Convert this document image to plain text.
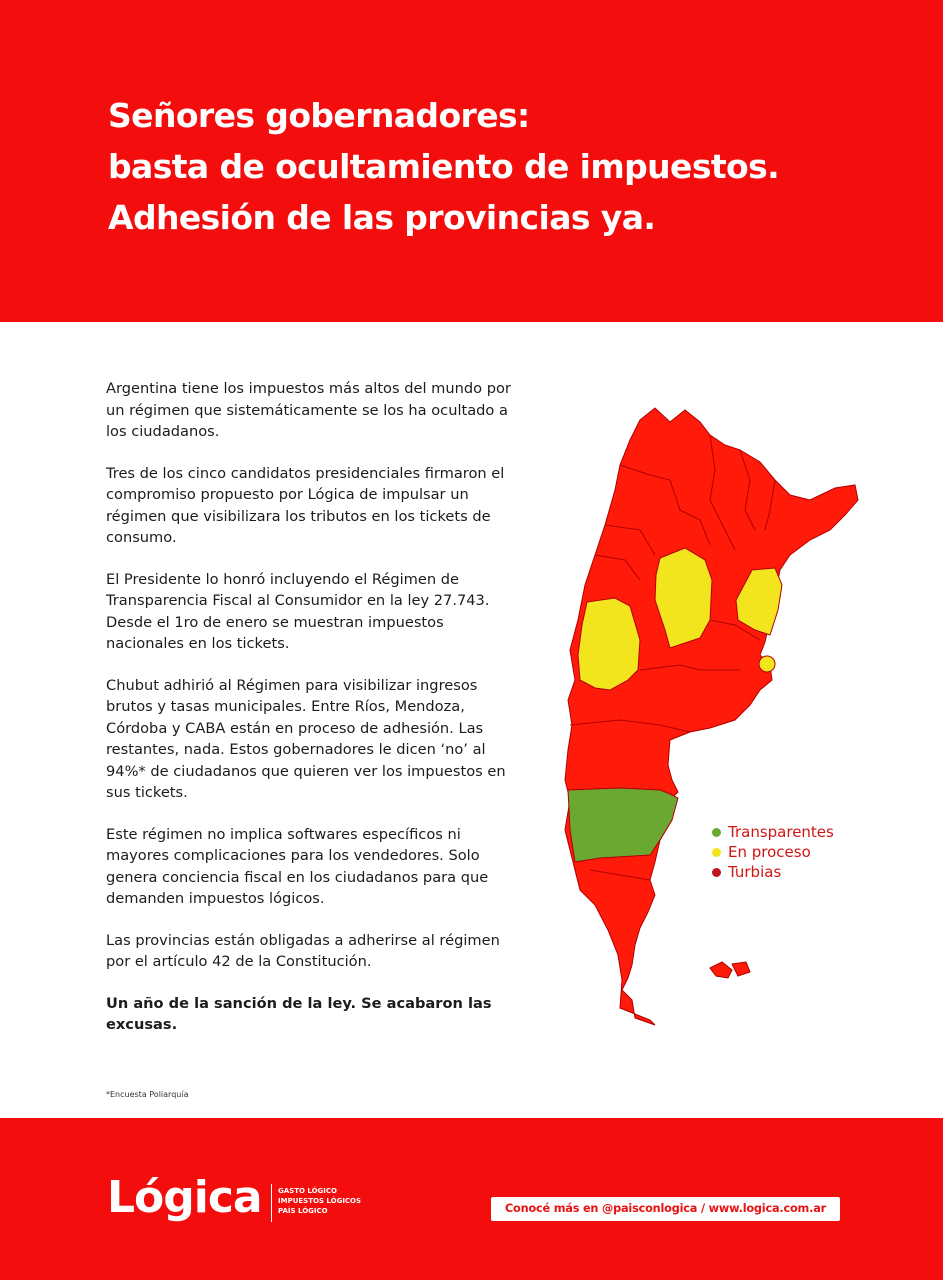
Señores gobernadores:
basta de ocultamiento de impuestos.
Adhesión de las provincias ya.

Argentina tiene los impuestos más altos del mundo por un régimen que sistemáticamente se los ha ocultado a los ciudadanos.

Tres de los cinco candidatos presidenciales firmaron el compromiso propuesto por Lógica de impulsar un régimen que visibilizara los tributos en los tickets de consumo.

El Presidente lo honró incluyendo el Régimen de Transparencia Fiscal al Consumidor en la ley 27.743. Desde el 1ro de enero se muestran impuestos nacionales en los tickets.

Chubut adhirió al Régimen para visibilizar ingresos brutos y tasas municipales. Entre Ríos, Mendoza, Córdoba y CABA están en proceso de adhesión. Las restantes, nada. Estos gobernadores le dicen ‘no’ al 94%* de ciudadanos que quieren ver los impuestos en sus tickets.

Este régimen no implica softwares específicos ni mayores complicaciones para los vendedores. Solo genera conciencia fiscal en los ciudadanos para que demanden impuestos lógicos.

Las provincias están obligadas a adherirse al régimen por el artículo 42 de la Constitución.

Un año de la sanción de la ley. Se acabaron las excusas.

*Encuesta Poliarquía
Transparentes
En proceso
Turbias
Lógica GASTO LÓGICO
IMPUESTOS LÓGICOS
PAÍS LÓGICO	Conocé más en @paisconlogica / www.logica.com.ar
